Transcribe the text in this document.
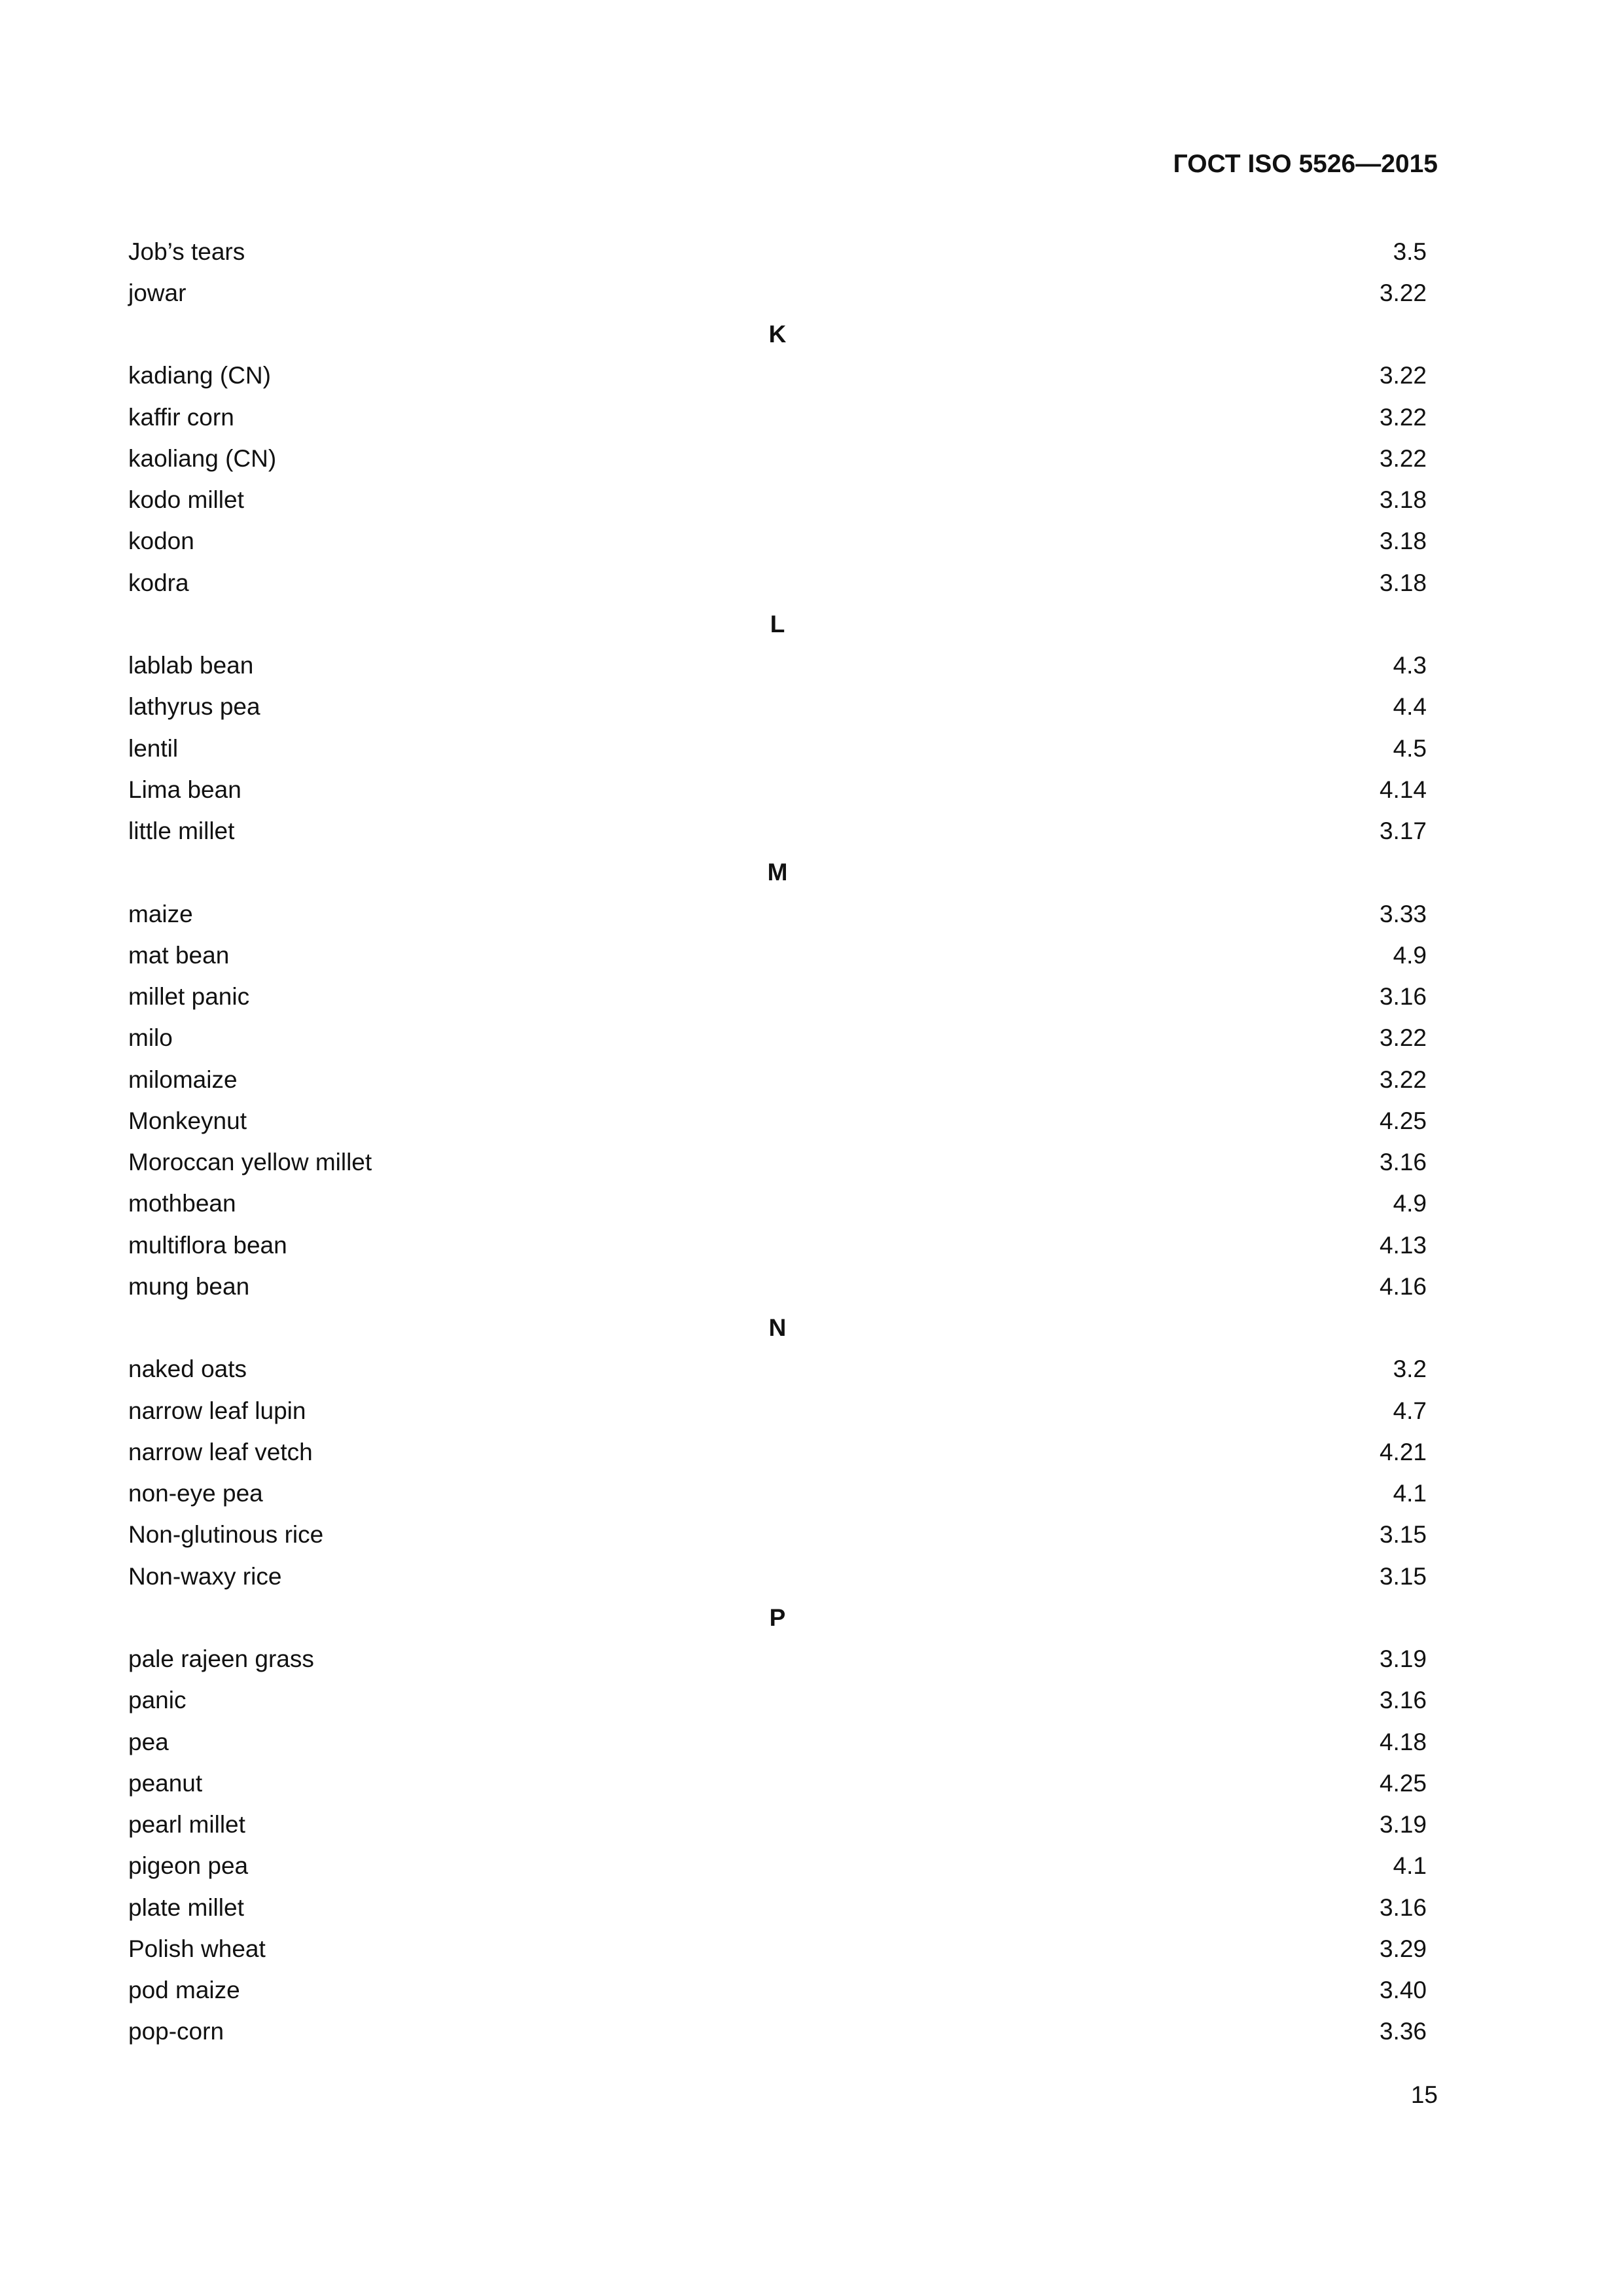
ГОСТ ISO 5526—2015
Job’s tears	3.5
jowar	3.22
K
kadiang (CN)	3.22
kaffir corn	3.22
kaoliang (CN)	3.22
kodo millet	3.18
kodon	3.18
kodra	3.18
L
lablab bean	4.3
lathyrus pea	4.4
lentil	4.5
Lima bean	4.14
little millet	3.17
M
maize	3.33
mat bean	4.9
millet panic	3.16
milo	3.22
milomaize	3.22
Monkeynut	4.25
Moroccan yellow millet	3.16
mothbean	4.9
multiflora bean	4.13
mung bean	4.16
N
naked oats	3.2
narrow leaf lupin	4.7
narrow leaf vetch	4.21
non-eye pea	4.1
Non-glutinous rice	3.15
Non-waxy rice	3.15
P
pale rajeen grass	3.19
panic	3.16
pea	4.18
peanut	4.25
pearl millet	3.19
pigeon pea	4.1
plate millet	3.16
Polish wheat	3.29
pod maize	3.40
pop-corn	3.36
15
